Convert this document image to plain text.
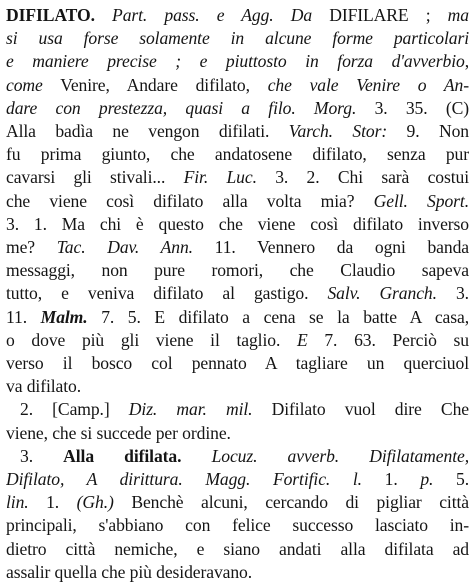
DIFILATO. Part. pass. e Agg. Da DIFILARE ; ma
si usa forse solamente in alcune forme particolari
e maniere precise ; e piuttosto in forza d'avverbio,
come Venire, Andare difilato, che vale Venire o An-
dare con prestezza, quasi a filo. Morg. 3. 35. (C)
Alla badìa ne vengon difilati. Varch. Stor: 9. Non
fu prima giunto, che andatosene difilato, senza pur
cavarsi gli stivali... Fir. Luc. 3. 2. Chi sarà costui
che viene così difilato alla volta mia? Gell. Sport.
3. 1. Ma chi è questo che viene così difilato inverso
me? Tac. Dav. Ann. 11. Vennero da ogni banda
messaggi, non pure romori, che Claudio sapeva
tutto, e veniva difilato al gastigo. Salv. Granch. 3.
11. Malm. 7. 5. E difilato a cena se la batte A casa,
o dove più gli viene il taglio. E 7. 63. Perciò su
verso il bosco col pennato A tagliare un querciuol
va difilato.
2. [Camp.] Diz. mar. mil. Difilato vuol dire Che
viene, che si succede per ordine.
3. Alla difilata. Locuz. avverb. Difilatamente,
Difilato, A dirittura. Magg. Fortific. l. 1. p. 5.
lin. 1. (Gh.) Benchè alcuni, cercando di pigliar città
principali, s'abbiano con felice successo lasciato in-
dietro città nemiche, e siano andati alla difilata ad
assalir quella che più desideravano.
